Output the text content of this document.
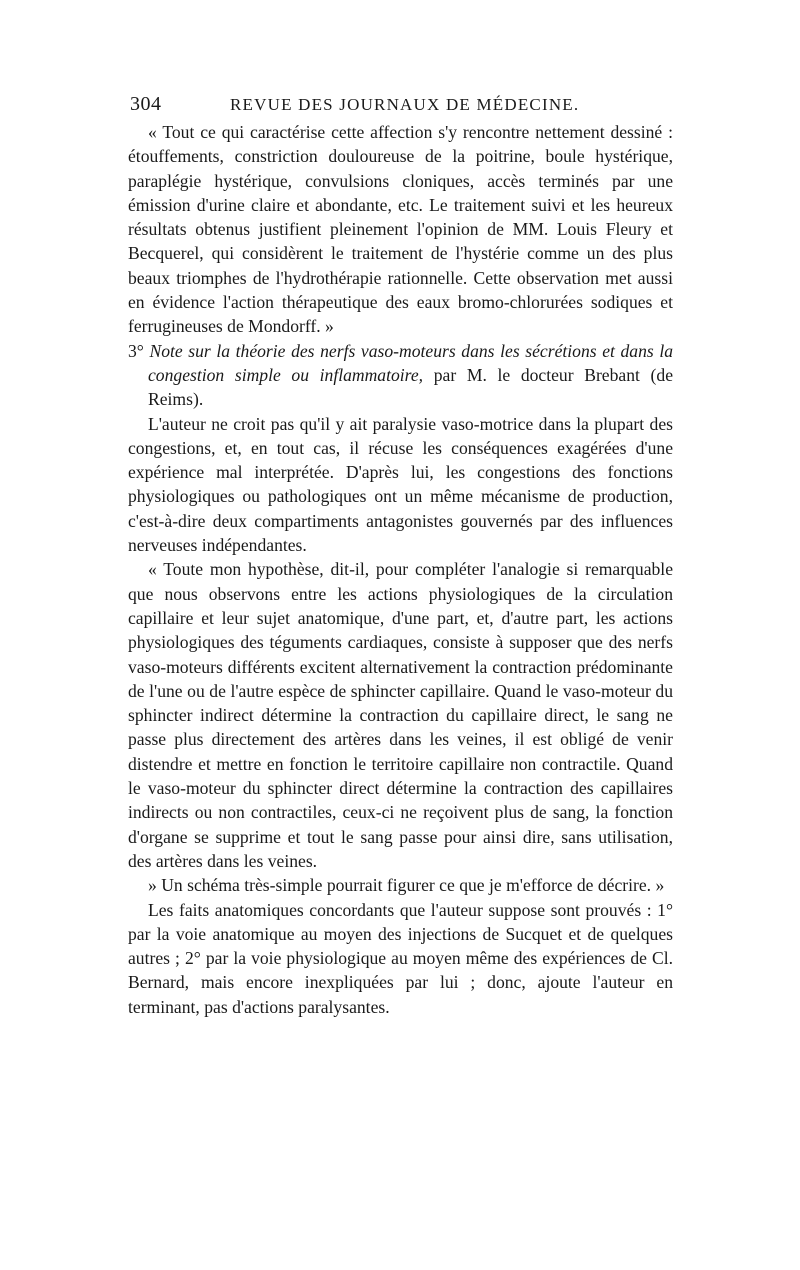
304	REVUE DES JOURNAUX DE MÉDECINE.

« Tout ce qui caractérise cette affection s'y rencontre nettement dessiné : étouffements, constriction douloureuse de la poitrine, boule hystérique, paraplégie hystérique, convulsions cloniques, accès terminés par une émission d'urine claire et abondante, etc. Le traitement suivi et les heureux résultats obtenus justifient pleinement l'opinion de MM. Louis Fleury et Becquerel, qui considèrent le traitement de l'hystérie comme un des plus beaux triomphes de l'hydrothérapie rationnelle. Cette observation met aussi en évidence l'action thérapeutique des eaux bromo-chlorurées sodiques et ferrugineuses de Mondorff. »

3° Note sur la théorie des nerfs vaso-moteurs dans les sécrétions et dans la congestion simple ou inflammatoire, par M. le docteur Brebant (de Reims).

L'auteur ne croit pas qu'il y ait paralysie vaso-motrice dans la plupart des congestions, et, en tout cas, il récuse les conséquences exagérées d'une expérience mal interprétée. D'après lui, les congestions des fonctions physiologiques ou pathologiques ont un même mécanisme de production, c'est-à-dire deux compartiments antagonistes gouvernés par des influences nerveuses indépendantes.

« Toute mon hypothèse, dit-il, pour compléter l'analogie si remarquable que nous observons entre les actions physiologiques de la circulation capillaire et leur sujet anatomique, d'une part, et, d'autre part, les actions physiologiques des téguments cardiaques, consiste à supposer que des nerfs vaso-moteurs différents excitent alternativement la contraction prédominante de l'une ou de l'autre espèce de sphincter capillaire. Quand le vaso-moteur du sphincter indirect détermine la contraction du capillaire direct, le sang ne passe plus directement des artères dans les veines, il est obligé de venir distendre et mettre en fonction le territoire capillaire non contractile. Quand le vaso-moteur du sphincter direct détermine la contraction des capillaires indirects ou non contractiles, ceux-ci ne reçoivent plus de sang, la fonction d'organe se supprime et tout le sang passe pour ainsi dire, sans utilisation, des artères dans les veines.

» Un schéma très-simple pourrait figurer ce que je m'efforce de décrire. »

Les faits anatomiques concordants que l'auteur suppose sont prouvés : 1° par la voie anatomique au moyen des injections de Sucquet et de quelques autres ; 2° par la voie physiologique au moyen même des expériences de Cl. Bernard, mais encore inexpliquées par lui ; donc, ajoute l'auteur en terminant, pas d'actions paralysantes.
